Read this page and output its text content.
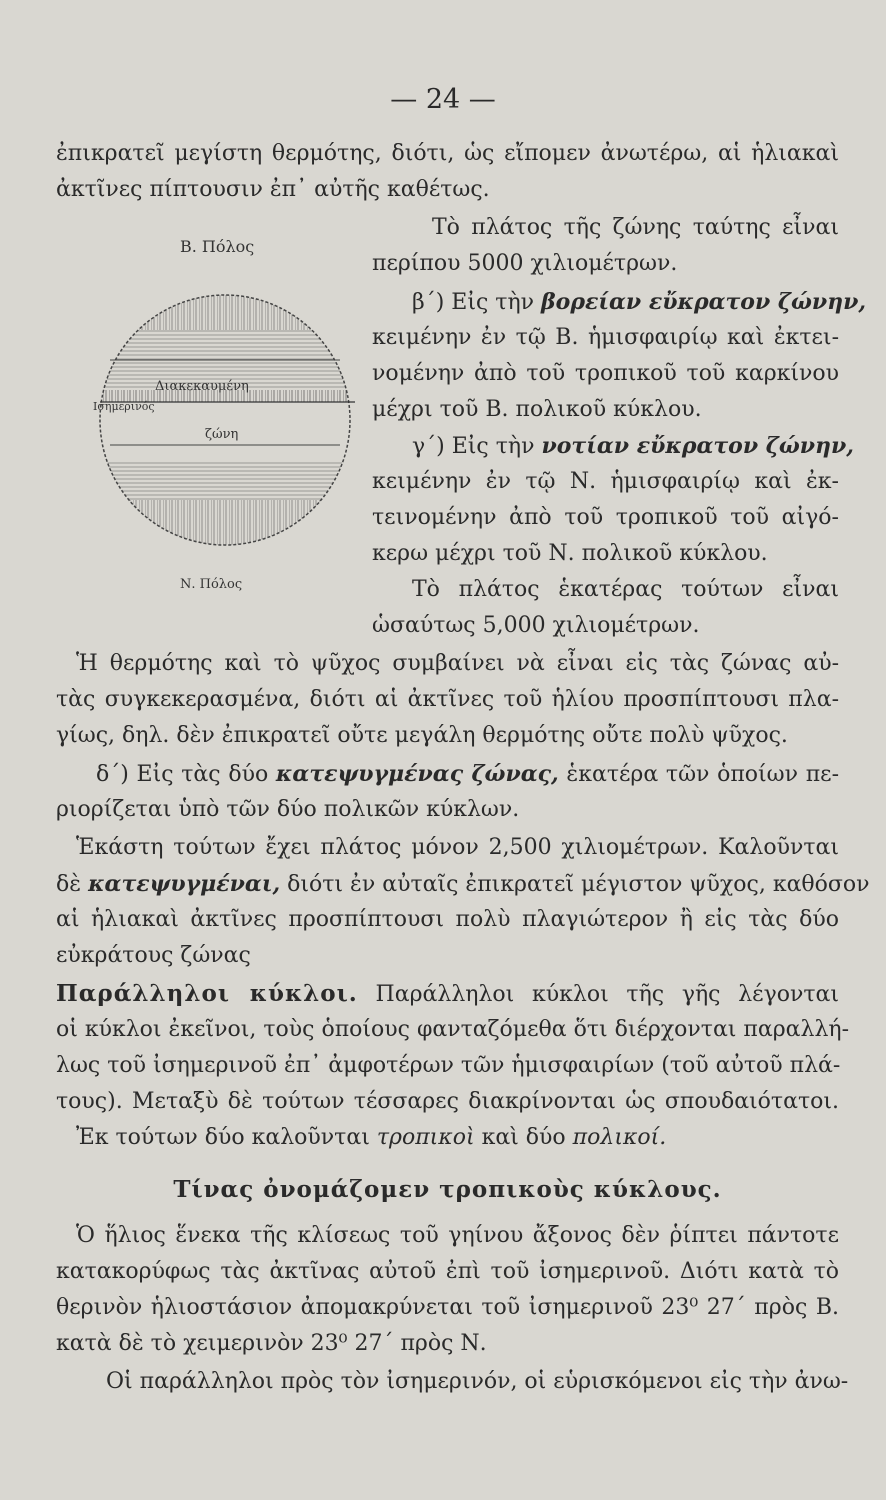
— 24 —
Β. Πόλος
Διακεκαυμένη
Ισημερινός
ζώνη
Ν. Πόλος
ἐπικρατεῖ μεγίστη θερμότης, διότι, ὡς εἴπομεν ἀνωτέρω, αἱ ἡλιακαὶ
ἀκτῖνες πίπτουσιν ἐπ᾽ αὐτῆς καθέτως.
Τὸ πλάτος τῆς ζώνης ταύτης εἶναι
περίπου 5000 χιλιομέτρων.
β´) Εἰς τὴν βορείαν εὔκρατον ζώνην,
κειμένην ἐν τῷ Β. ἡμισφαιρίῳ καὶ ἐκτει-
νομένην ἀπὸ τοῦ τροπικοῦ τοῦ καρκίνου
μέχρι τοῦ Β. πολικοῦ κύκλου.
γ´) Εἰς τὴν νοτίαν εὔκρατον ζώνην,
κειμένην ἐν τῷ Ν. ἡμισφαιρίῳ καὶ ἐκ-
τεινομένην ἀπὸ τοῦ τροπικοῦ τοῦ αἰγό-
κερω μέχρι τοῦ Ν. πολικοῦ κύκλου.
Τὸ πλάτος ἑκατέρας τούτων εἶναι
ὡσαύτως 5,000 χιλιομέτρων.
Ἡ θερμότης καὶ τὸ ψῦχος συμβαίνει νὰ εἶναι εἰς τὰς ζώνας αὐ-
τὰς συγκεκερασμένα, διότι αἱ ἀκτῖνες τοῦ ἡλίου προσπίπτουσι πλα-
γίως, δηλ. δὲν ἐπικρατεῖ οὔτε μεγάλη θερμότης οὔτε πολὺ ψῦχος.
δ´) Εἰς τὰς δύο κατεψυγμένας ζώνας, ἑκατέρα τῶν ὁποίων πε-
ριορίζεται ὑπὸ τῶν δύο πολικῶν κύκλων.
Ἑκάστη τούτων ἔχει πλάτος μόνον 2,500 χιλιομέτρων. Καλοῦνται
δὲ κατεψυγμέναι, διότι ἐν αὐταῖς ἐπικρατεῖ μέγιστον ψῦχος, καθόσον
αἱ ἡλιακαὶ ἀκτῖνες προσπίπτουσι πολὺ πλαγιώτερον ἢ εἰς τὰς δύο
εὐκράτους ζώνας
Παράλληλοι κύκλοι. Παράλληλοι κύκλοι τῆς γῆς λέγονται
οἱ κύκλοι ἐκεῖνοι, τοὺς ὁποίους φανταζόμεθα ὅτι διέρχονται παραλλή-
λως τοῦ ἰσημερινοῦ ἐπ᾽ ἀμφοτέρων τῶν ἡμισφαιρίων (τοῦ αὐτοῦ πλά-
τους). Μεταξὺ δὲ τούτων τέσσαρες διακρίνονται ὡς σπουδαιότατοι.
Ἐκ τούτων δύο καλοῦνται τροπικοὶ καὶ δύο πολικοί.
Τίνας ὀνομάζομεν τροπικοὺς κύκλους.
Ὁ ἥλιος ἕνεκα τῆς κλίσεως τοῦ γηίνου ἄξονος δὲν ῥίπτει πάντοτε
κατακορύφως τὰς ἀκτῖνας αὐτοῦ ἐπὶ τοῦ ἰσημερινοῦ. Διότι κατὰ τὸ
θερινὸν ἡλιοστάσιον ἀπομακρύνεται τοῦ ἰσημερινοῦ 23⁰ 27´ πρὸς Β.
κατὰ δὲ τὸ χειμερινὸν 23⁰ 27´ πρὸς Ν.
Οἱ παράλληλοι πρὸς τὸν ἰσημερινόν, οἱ εὑρισκόμενοι εἰς τὴν ἀνω-
